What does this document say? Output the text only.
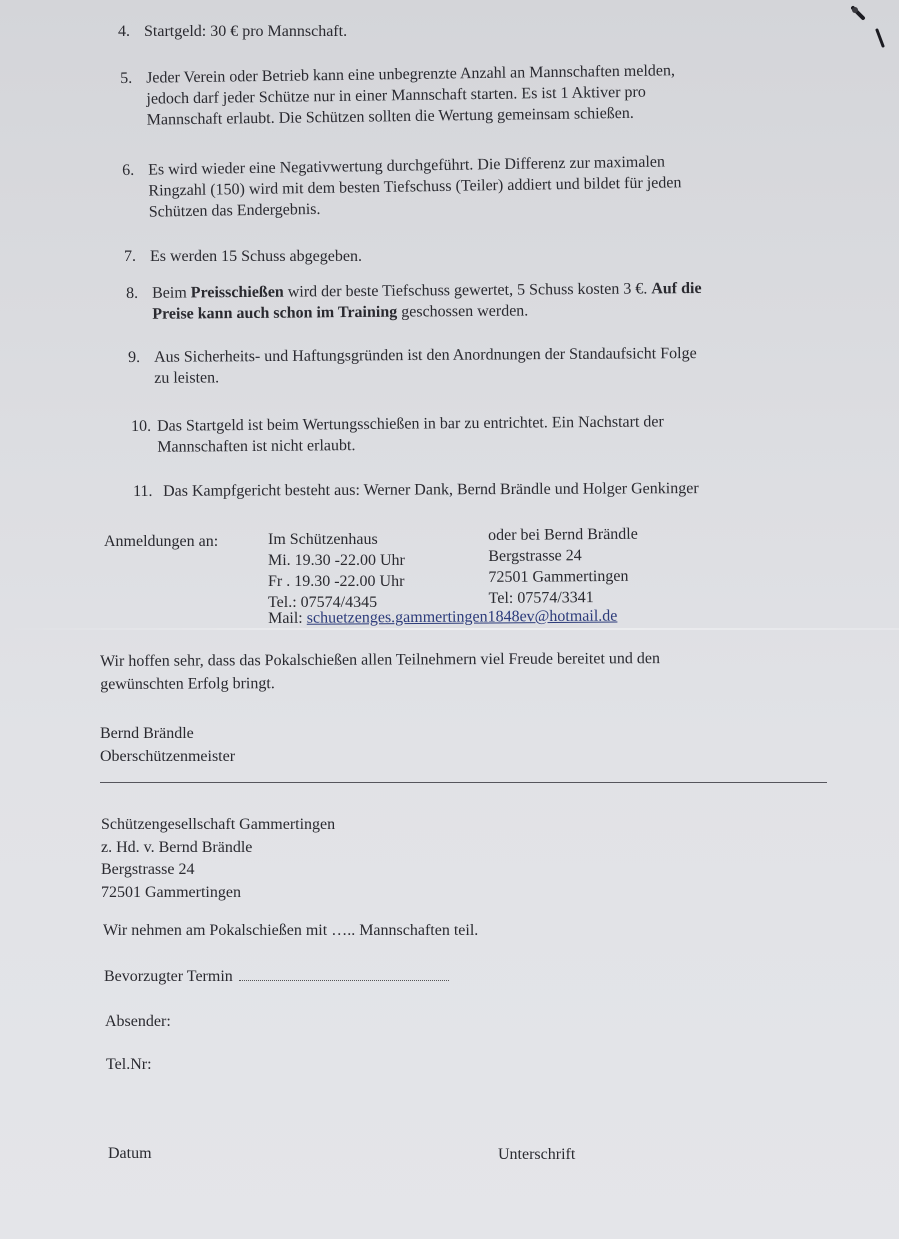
4. Startgeld: 30 € pro Mannschaft.
5. Jeder Verein oder Betrieb kann eine unbegrenzte Anzahl an Mannschaften melden,
jedoch darf jeder Schütze nur in einer Mannschaft starten. Es ist 1 Aktiver pro
Mannschaft erlaubt. Die Schützen sollten die Wertung gemeinsam schießen.
6. Es wird wieder eine Negativwertung durchgeführt. Die Differenz zur maximalen
Ringzahl (150) wird mit dem besten Tiefschuss (Teiler) addiert und bildet für jeden
Schützen das Endergebnis.
7. Es werden 15 Schuss abgegeben.
8. Beim Preisschießen wird der beste Tiefschuss gewertet, 5 Schuss kosten 3 €. Auf die
Preise kann auch schon im Training geschossen werden.
9. Aus Sicherheits- und Haftungsgründen ist den Anordnungen der Standaufsicht Folge
zu leisten.
10. Das Startgeld ist beim Wertungsschießen in bar zu entrichtet. Ein Nachstart der
Mannschaften ist nicht erlaubt.
11. Das Kampfgericht besteht aus: Werner Dank, Bernd Brändle und Holger Genkinger
Anmeldungen an:	Im Schützenhaus
Mi. 19.30 -22.00 Uhr
Fr . 19.30 -22.00 Uhr
Tel.: 07574/4345
oder bei Bernd Brändle
Bergstrasse 24
72501 Gammertingen
Tel: 07574/3341
Mail: schuetzenges.gammertingen1848ev@hotmail.de
Wir hoffen sehr, dass das Pokalschießen allen Teilnehmern viel Freude bereitet und den
gewünschten Erfolg bringt.
Bernd Brändle
Oberschützenmeister
Schützengesellschaft Gammertingen
z. Hd. v. Bernd Brändle
Bergstrasse 24
72501 Gammertingen
Wir nehmen am Pokalschießen mit ….. Mannschaften teil.
Bevorzugter Termin
Absender:
Tel.Nr:
Datum	Unterschrift
